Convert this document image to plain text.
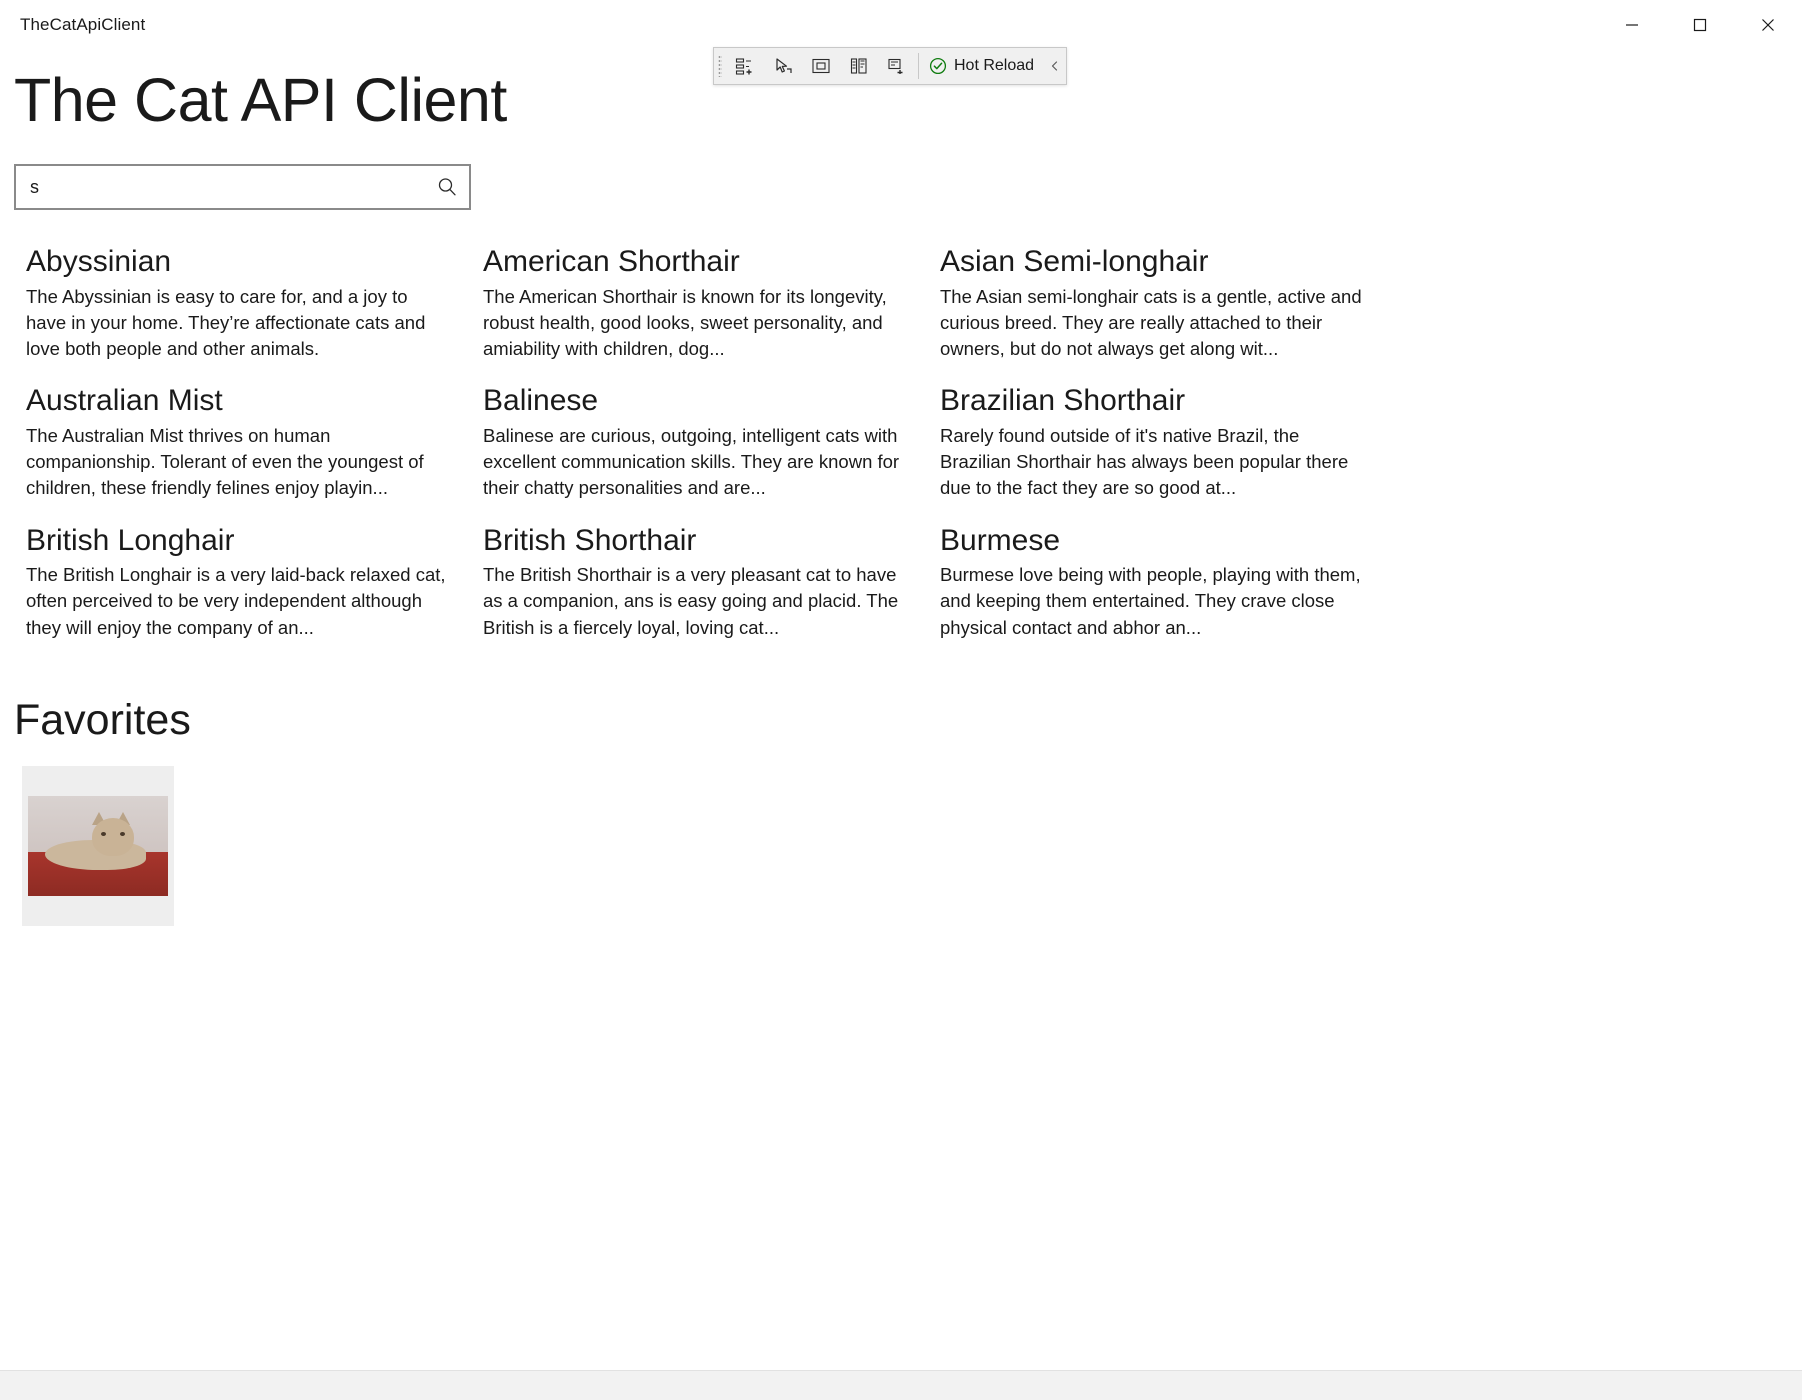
TheCatApiClient
Hot Reload
The Cat API Client
s
Abyssinian
The Abyssinian is easy to care for, and a joy to have in your home. They’re affectionate cats and love both people and other animals.
American Shorthair
The American Shorthair is known for its longevity, robust health, good looks, sweet personality, and amiability with children, dog...
Asian Semi-longhair
The Asian semi-longhair cats is a gentle, active and curious breed. They are really attached to their owners, but do not always get along wit...
Australian Mist
The Australian Mist thrives on human companionship. Tolerant of even the youngest of children, these friendly felines enjoy playin...
Balinese
Balinese are curious, outgoing, intelligent cats with excellent communication skills. They are known for their chatty personalities and are...
Brazilian Shorthair
Rarely found outside of it's native Brazil, the Brazilian Shorthair has always been popular there due to the fact they are so good at...
British Longhair
The British Longhair is a very laid-back relaxed cat, often perceived to be very independent although they will enjoy the company of an...
British Shorthair
The British Shorthair is a very pleasant cat to have as a companion, ans is easy going and placid. The British is a fiercely loyal, loving cat...
Burmese
Burmese love being with people, playing with them, and keeping them entertained. They crave close physical contact and abhor an...
Favorites
